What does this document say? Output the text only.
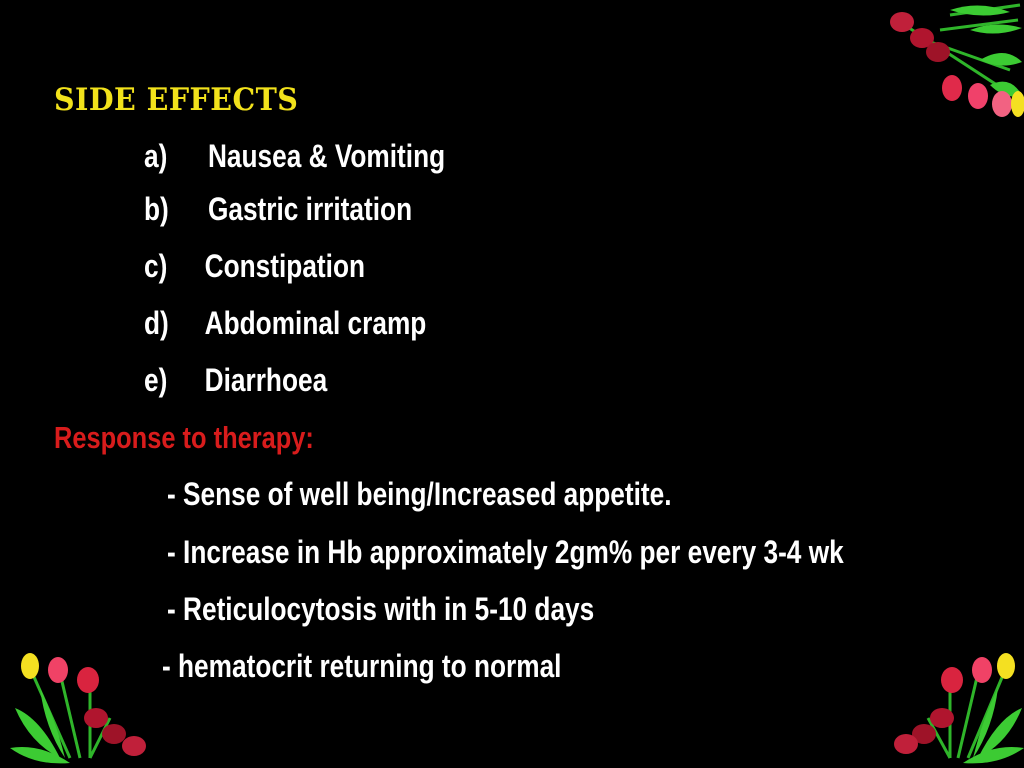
SIDE EFFECTS
a) Nausea & Vomiting
b) Gastric irritation
c) Constipation
d) Abdominal cramp
e) Diarrhoea
Response to therapy:
- Sense of well being/Increased appetite.
- Increase in Hb approximately 2gm% per every 3-4 wk
- Reticulocytosis with in 5-10 days
- hematocrit returning to normal
